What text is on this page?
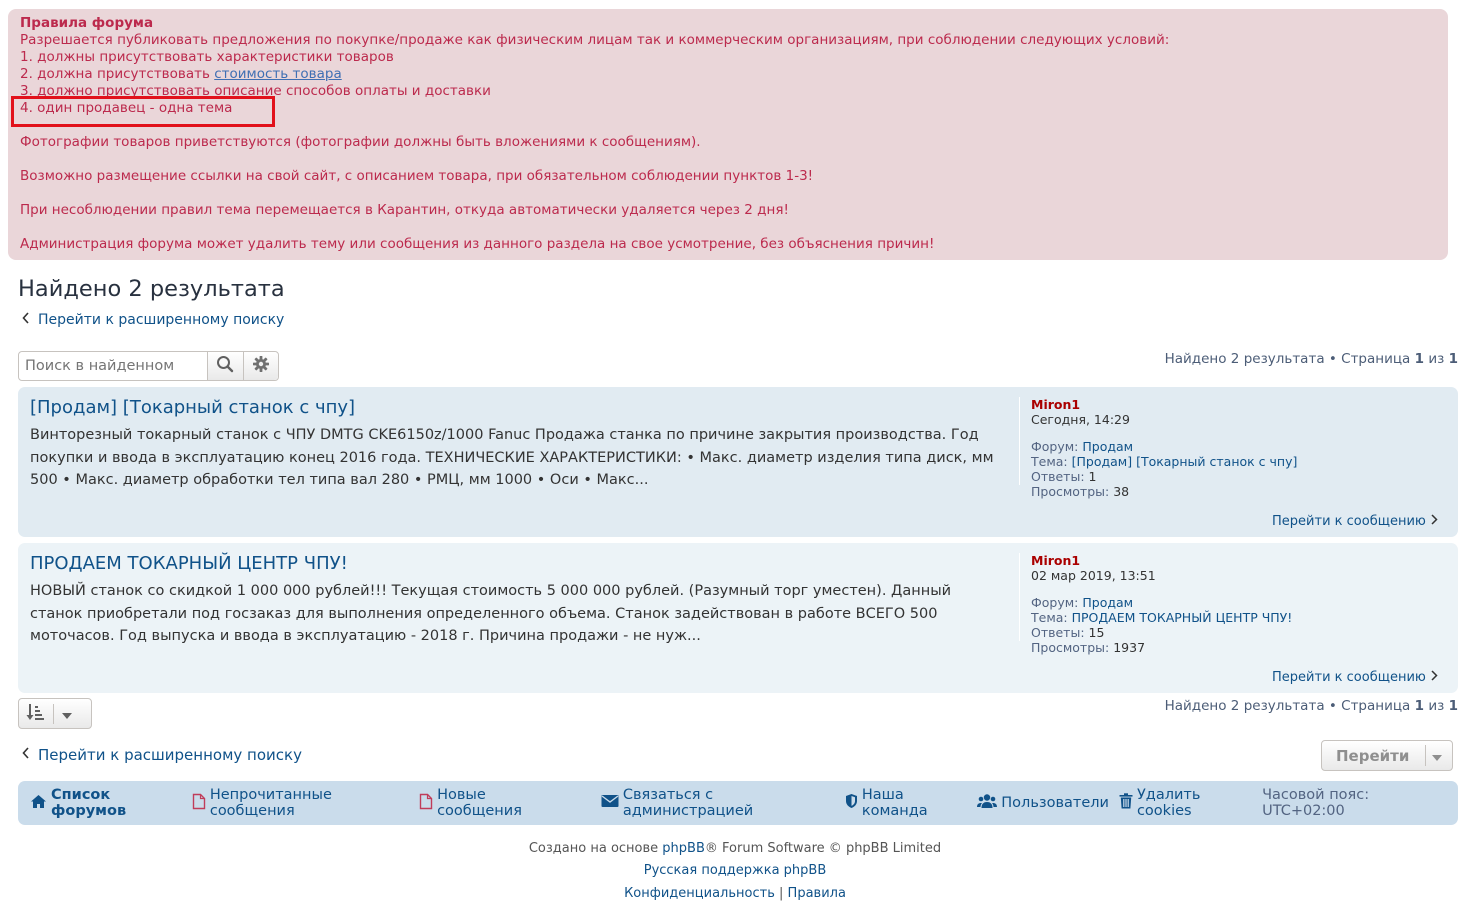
Правила форума
Разрешается публиковать предложения по покупке/продаже как физическим лицам так и коммерческим организациям, при соблюдении следующих условий:
1. должны присутствовать характеристики товаров
2. должна присутствовать стоимость товара
3. должно присутствовать описание способов оплаты и доставки
4. один продавец - одна тема
Фотографии товаров приветствуются (фотографии должны быть вложениями к сообщениям).
Возможно размещение ссылки на свой сайт, с описанием товара, при обязательном соблюдении пунктов 1-3!
При несоблюдении правил тема перемещается в Карантин, откуда автоматически удаляется через 2 дня!
Администрация форума может удалить тему или сообщения из данного раздела на свое усмотрение, без объяснения причин!
Найдено 2 результата
Перейти к расширенному поиску
Поиск в найденном
Найдено 2 результата • Страница 1 из 1
[Продам] [Токарный станок с чпу]
Винторезный токарный станок с ЧПУ DMTG CKE6150z/1000 Fanuc Продажа станка по причине закрытия производства. Год покупки и ввода в эксплуатацию конец 2016 года. ТЕХНИЧЕСКИЕ ХАРАКТЕРИСТИКИ: • Макс. диаметр изделия типа диск, мм 500 • Макс. диаметр обработки тел типа вал 280 • РМЦ, мм 1000 • Оси • Макс...
Miron1
Сегодня, 14:29
Форум: Продам
Тема: [Продам] [Токарный станок с чпу]
Ответы: 1
Просмотры: 38
Перейти к сообщению
ПРОДАЕМ ТОКАРНЫЙ ЦЕНТР ЧПУ!
НОВЫЙ станок со скидкой 1 000 000 рублей!!! Текущая стоимость 5 000 000 рублей. (Разумный торг уместен). Данный станок приобретали под госзаказ для выполнения определенного объема. Станок задействован в работе ВСЕГО 500 моточасов. Год выпуска и ввода в эксплуатацию - 2018 г. Причина продажи - не нуж...
Miron1
02 мар 2019, 13:51
Форум: Продам
Тема: ПРОДАЕМ ТОКАРНЫЙ ЦЕНТР ЧПУ!
Ответы: 15
Просмотры: 1937
Перейти к сообщению
Найдено 2 результата • Страница 1 из 1
Перейти к расширенному поиску	Перейти
Список форумов
Непрочитанные сообщения
Новые сообщения
Связаться с администрацией
Наша команда	Пользователи Удалить cookies
Часовой пояс: UTC+02:00
Создано на основе phpBB® Forum Software © phpBB Limited
Русская поддержка phpBB
Конфиденциальность | Правила
